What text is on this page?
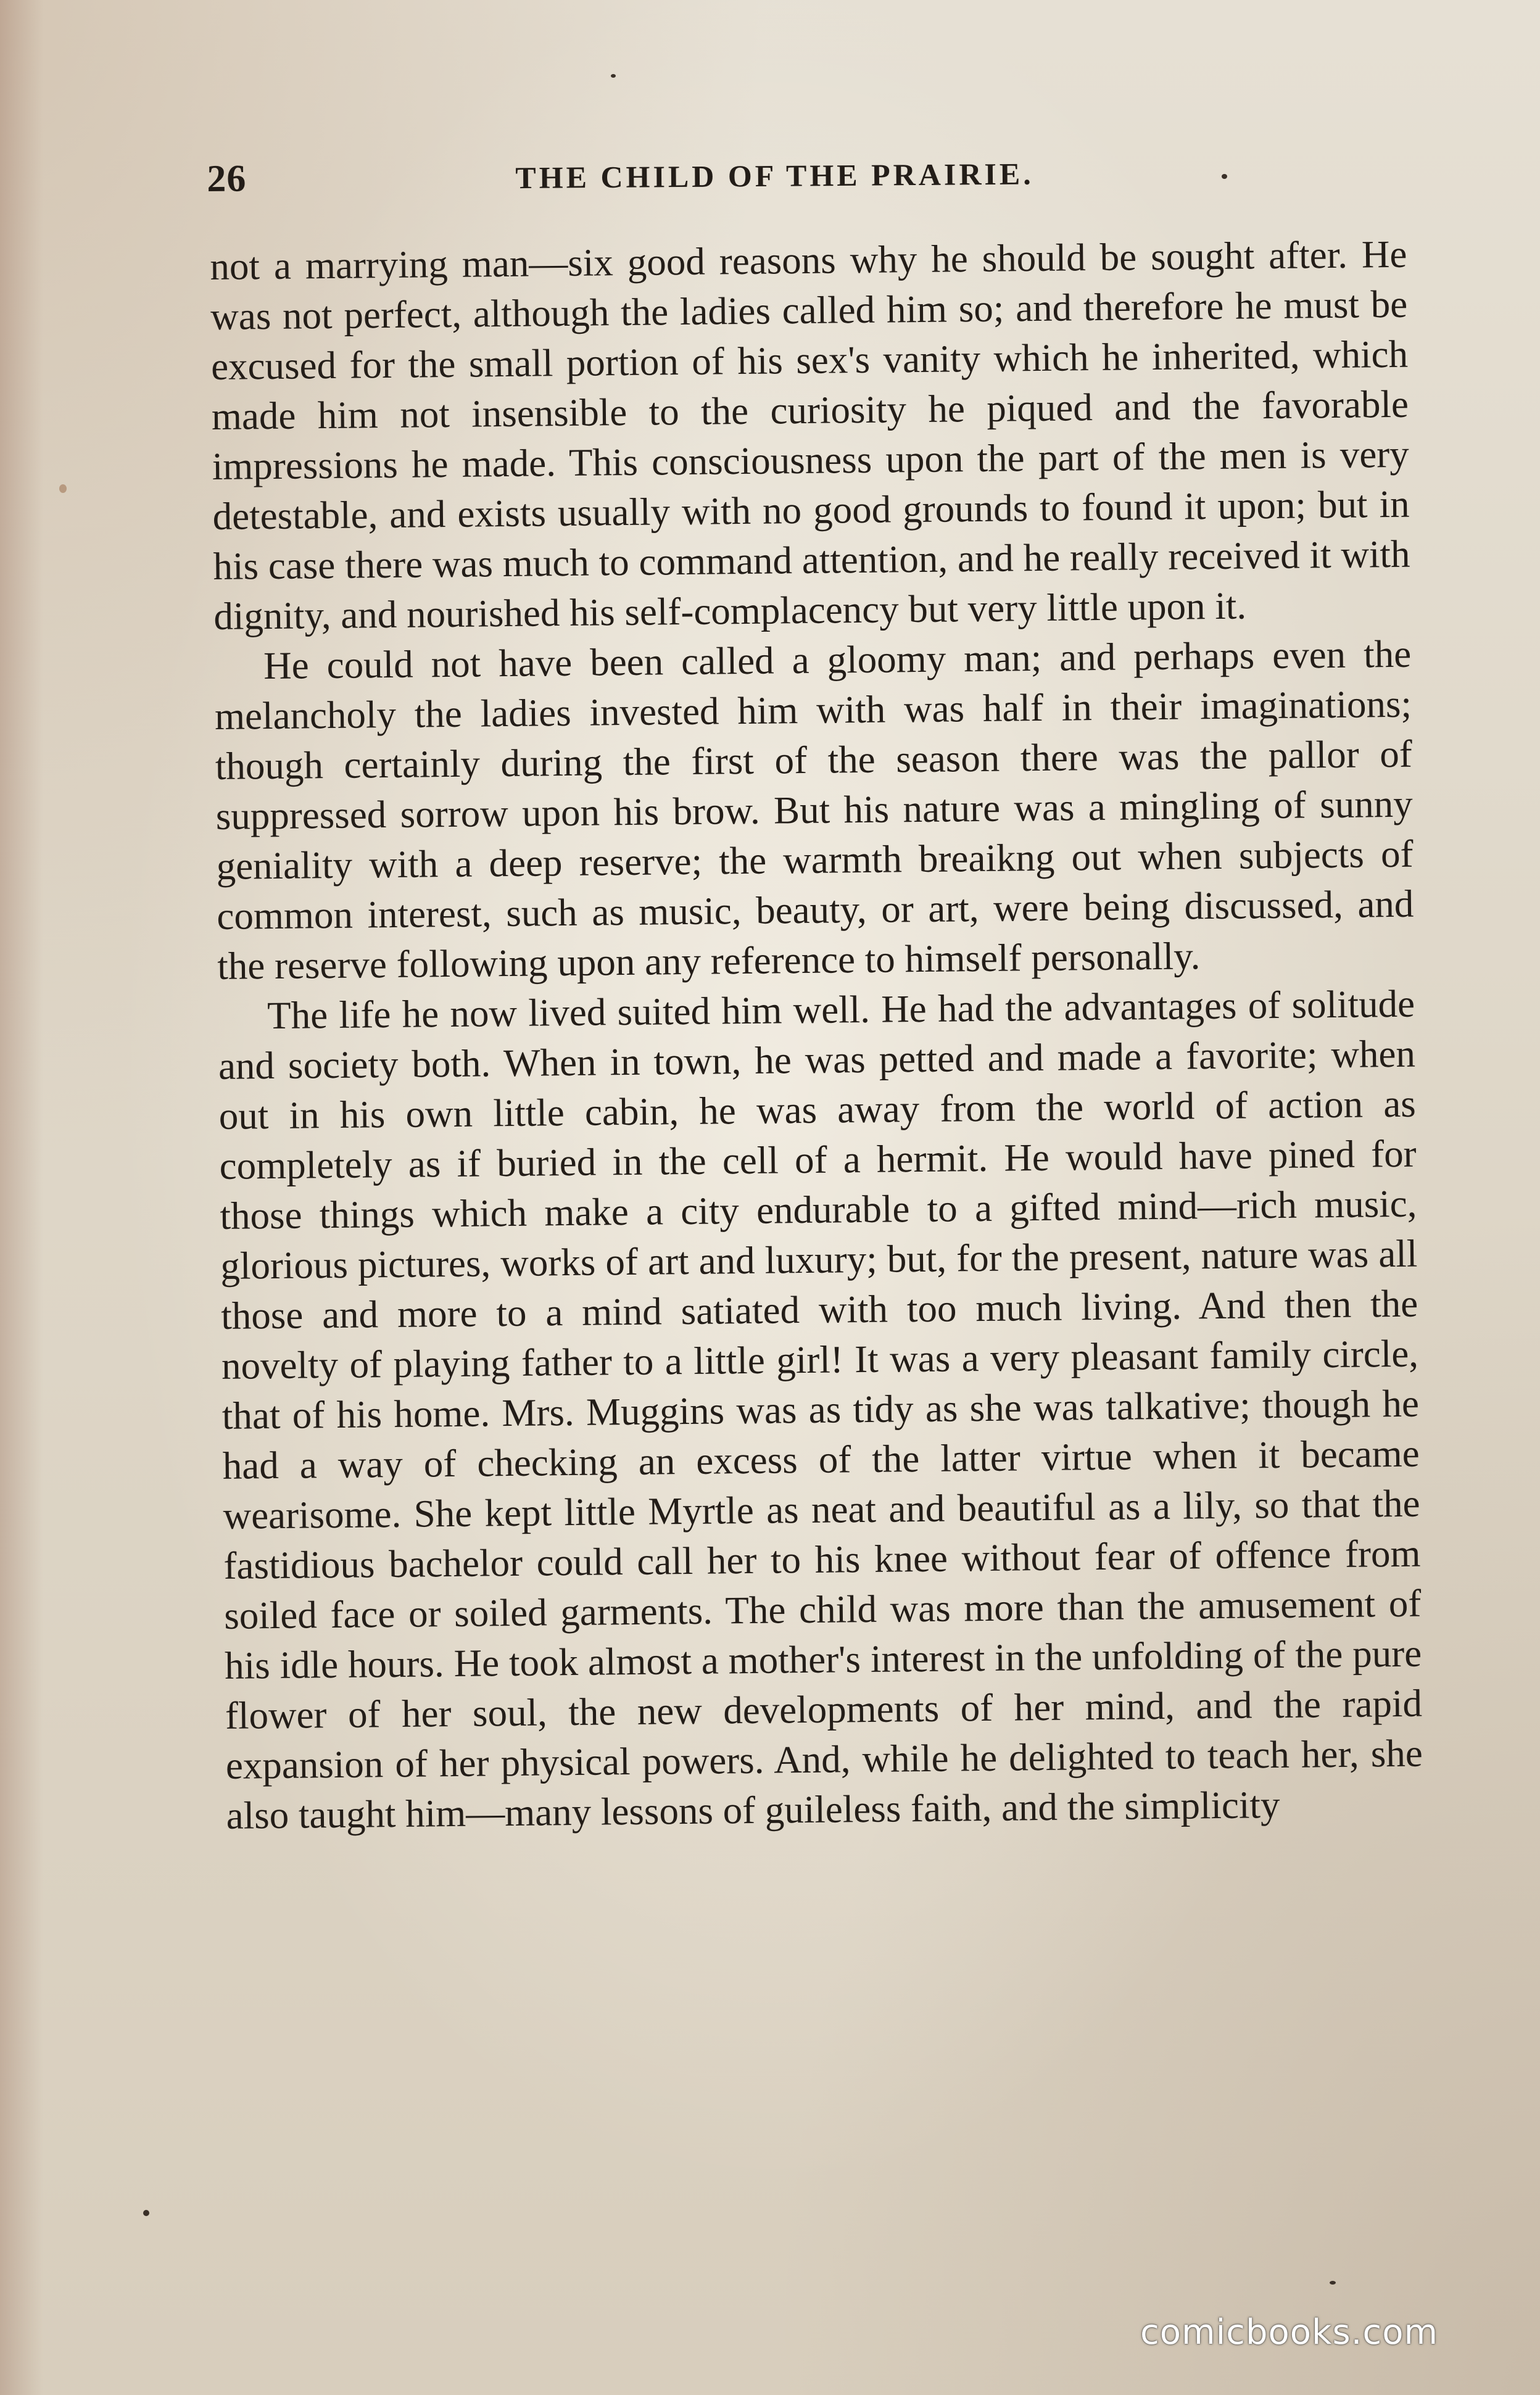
26	THE CHILD OF THE PRAIRIE.

not a marrying man—six good reasons why he should be sought after. He was not perfect, although the ladies called him so; and therefore he must be excused for the small portion of his sex's vanity which he inherited, which made him not insensible to the curiosity he piqued and the favorable impressions he made. This consciousness upon the part of the men is very detestable, and exists usually with no good grounds to found it upon; but in his case there was much to command attention, and he really received it with dignity, and nourished his self-complacency but very little upon it.

He could not have been called a gloomy man; and perhaps even the melancholy the ladies invested him with was half in their imaginations; though certainly during the first of the season there was the pallor of suppressed sorrow upon his brow. But his nature was a mingling of sunny geniality with a deep reserve; the warmth breaikng out when subjects of common interest, such as music, beauty, or art, were being discussed, and the reserve following upon any reference to himself personally.

The life he now lived suited him well. He had the advantages of solitude and society both. When in town, he was petted and made a favorite; when out in his own little cabin, he was away from the world of action as completely as if buried in the cell of a hermit. He would have pined for those things which make a city endurable to a gifted mind—rich music, glorious pictures, works of art and luxury; but, for the present, nature was all those and more to a mind satiated with too much living. And then the novelty of playing father to a little girl! It was a very pleasant family circle, that of his home. Mrs. Muggins was as tidy as she was talkative; though he had a way of checking an excess of the latter virtue when it became wearisome. She kept little Myrtle as neat and beautiful as a lily, so that the fastidious bachelor could call her to his knee without fear of offence from soiled face or soiled garments. The child was more than the amusement of his idle hours. He took almost a mother's interest in the unfolding of the pure flower of her soul, the new developments of her mind, and the rapid expansion of her physical powers. And, while he delighted to teach her, she also taught him—many lessons of guileless faith, and the simplicity

comicbooks.com
